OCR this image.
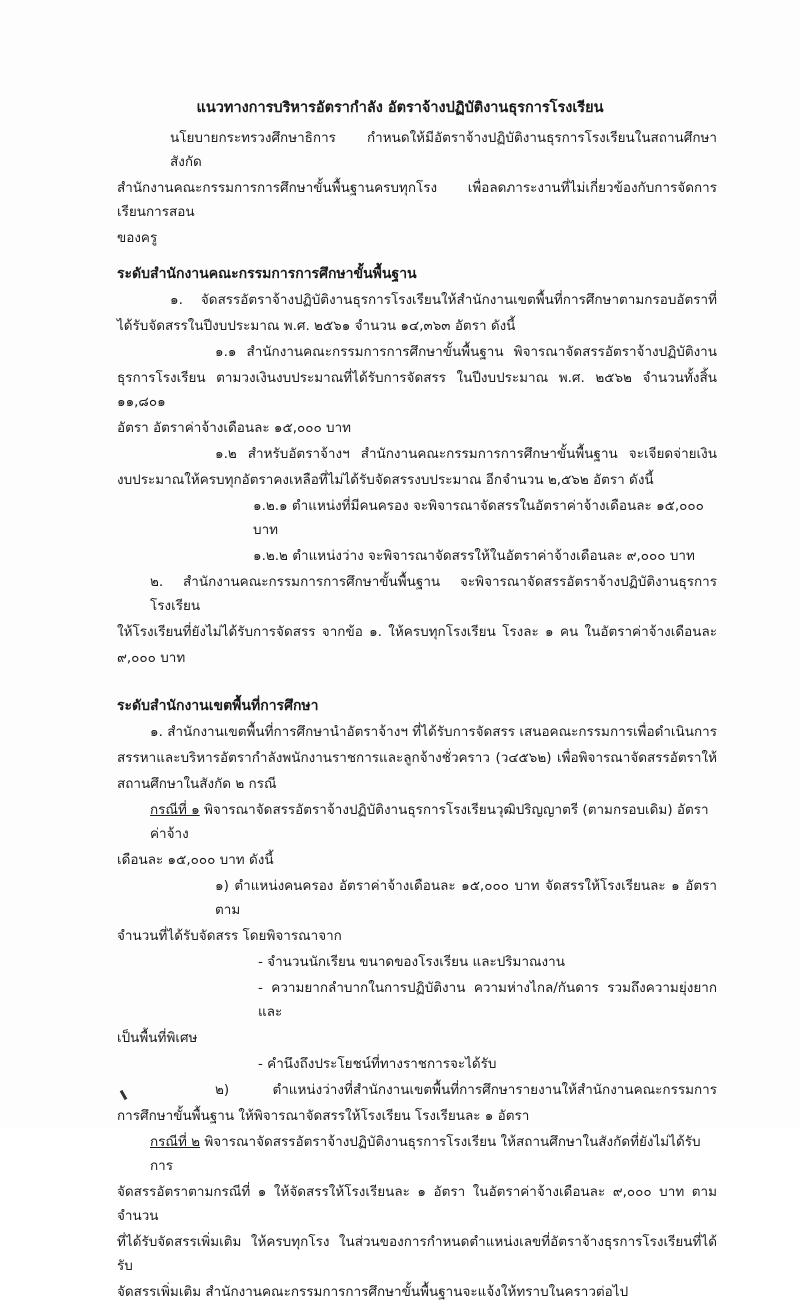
แนวทางการบริหารอัตรากำลัง อัตราจ้างปฏิบัติงานธุรการโรงเรียน
นโยบายกระทรวงศึกษาธิการ กำหนดให้มีอัตราจ้างปฏิบัติงานธุรการโรงเรียนในสถานศึกษาสังกัด
สำนักงานคณะกรรมการการศึกษาขั้นพื้นฐานครบทุกโรง เพื่อลดภาระงานที่ไม่เกี่ยวข้องกับการจัดการเรียนการสอน
ของครู
ระดับสำนักงานคณะกรรมการการศึกษาขั้นพื้นฐาน
๑. จัดสรรอัตราจ้างปฏิบัติงานธุรการโรงเรียนให้สำนักงานเขตพื้นที่การศึกษาตามกรอบอัตราที่
ได้รับจัดสรรในปีงบประมาณ พ.ศ. ๒๕๖๑ จำนวน ๑๔,๓๖๓ อัตรา ดังนี้
๑.๑ สำนักงานคณะกรรมการการศึกษาขั้นพื้นฐาน พิจารณาจัดสรรอัตราจ้างปฏิบัติงาน
ธุรการโรงเรียน ตามวงเงินงบประมาณที่ได้รับการจัดสรร ในปีงบประมาณ พ.ศ. ๒๕๖๒ จำนวนทั้งสิ้น ๑๑,๘๐๑
อัตรา อัตราค่าจ้างเดือนละ ๑๕,๐๐๐ บาท
๑.๒ สำหรับอัตราจ้างฯ สำนักงานคณะกรรมการการศึกษาขั้นพื้นฐาน จะเจียดจ่ายเงิน
งบประมาณให้ครบทุกอัตราคงเหลือที่ไม่ได้รับจัดสรรงบประมาณ อีกจำนวน ๒,๕๖๒ อัตรา ดังนี้
๑.๒.๑ ตำแหน่งที่มีคนครอง จะพิจารณาจัดสรรในอัตราค่าจ้างเดือนละ ๑๕,๐๐๐ บาท
๑.๒.๒ ตำแหน่งว่าง จะพิจารณาจัดสรรให้ในอัตราค่าจ้างเดือนละ ๙,๐๐๐ บาท
๒. สำนักงานคณะกรรมการการศึกษาขั้นพื้นฐาน จะพิจารณาจัดสรรอัตราจ้างปฏิบัติงานธุรการโรงเรียน
ให้โรงเรียนที่ยังไม่ได้รับการจัดสรร จากข้อ ๑. ให้ครบทุกโรงเรียน โรงละ ๑ คน ในอัตราค่าจ้างเดือนละ
๙,๐๐๐ บาท
ระดับสำนักงานเขตพื้นที่การศึกษา
๑. สำนักงานเขตพื้นที่การศึกษานำอัตราจ้างฯ ที่ได้รับการจัดสรร เสนอคณะกรรมการเพื่อดำเนินการ
สรรหาและบริหารอัตรากำลังพนักงานราชการและลูกจ้างชั่วคราว (ว๔๕๖๒) เพื่อพิจารณาจัดสรรอัตราให้
สถานศึกษาในสังกัด ๒ กรณี
กรณีที่ ๑ พิจารณาจัดสรรอัตราจ้างปฏิบัติงานธุรการโรงเรียนวุฒิปริญญาตรี (ตามกรอบเดิม) อัตราค่าจ้าง
เดือนละ ๑๕,๐๐๐ บาท ดังนี้
๑) ตำแหน่งคนครอง อัตราค่าจ้างเดือนละ ๑๕,๐๐๐ บาท จัดสรรให้โรงเรียนละ ๑ อัตรา ตาม
จำนวนที่ได้รับจัดสรร โดยพิจารณาจาก
- จำนวนนักเรียน ขนาดของโรงเรียน และปริมาณงาน
- ความยากลำบากในการปฏิบัติงาน ความห่างไกล/กันดาร รวมถึงความยุ่งยากและ
เป็นพื้นที่พิเศษ
- คำนึงถึงประโยชน์ที่ทางราชการจะได้รับ
๒) ตำแหน่งว่างที่สำนักงานเขตพื้นที่การศึกษารายงานให้สำนักงานคณะกรรมการ
การศึกษาขั้นพื้นฐาน ให้พิจารณาจัดสรรให้โรงเรียน โรงเรียนละ ๑ อัตรา
กรณีที่ ๒ พิจารณาจัดสรรอัตราจ้างปฏิบัติงานธุรการโรงเรียน ให้สถานศึกษาในสังกัดที่ยังไม่ได้รับการ
จัดสรรอัตราตามกรณีที่ ๑ ให้จัดสรรให้โรงเรียนละ ๑ อัตรา ในอัตราค่าจ้างเดือนละ ๙,๐๐๐ บาท ตามจำนวน
ที่ได้รับจัดสรรเพิ่มเติม ให้ครบทุกโรง ในส่วนของการกำหนดตำแหน่งเลขที่อัตราจ้างธุรการโรงเรียนที่ได้รับ
จัดสรรเพิ่มเติม สำนักงานคณะกรรมการการศึกษาขั้นพื้นฐานจะแจ้งให้ทราบในคราวต่อไป
